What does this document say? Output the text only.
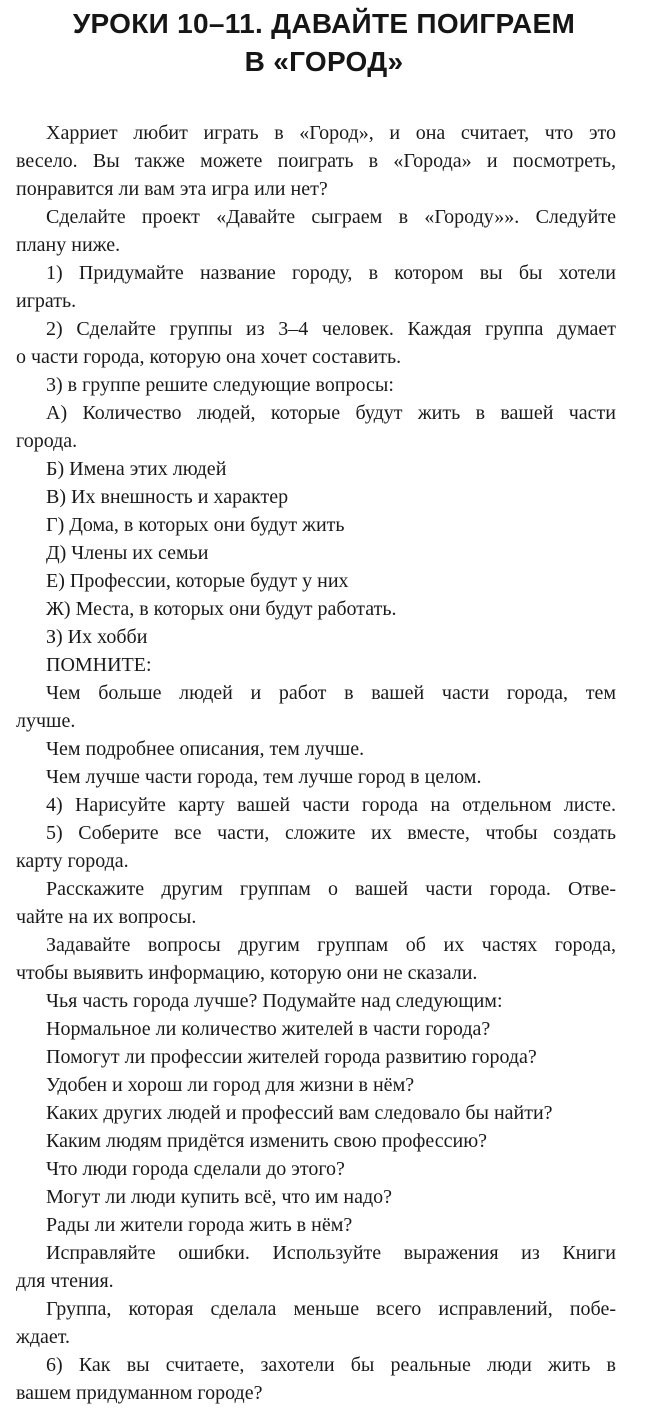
УРОКИ 10–11. ДАВАЙТЕ ПОИГРАЕМ
В «ГОРОД»
Харриет любит играть в «Город», и она считает, что это
весело. Вы также можете поиграть в «Города» и посмотреть,
понравится ли вам эта игра или нет?
Сделайте проект «Давайте сыграем в «Городу»». Следуйте
плану ниже.
1) Придумайте название городу, в котором вы бы хотели
играть.
2) Сделайте группы из 3–4 человек. Каждая группа думает
о части города, которую она хочет составить.
3) в группе решите следующие вопросы:
А) Количество людей, которые будут жить в вашей части
города.
Б) Имена этих людей
В) Их внешность и характер
Г) Дома, в которых они будут жить
Д) Члены их семьи
Е) Профессии, которые будут у них
Ж) Места, в которых они будут работать.
З) Их хобби
ПОМНИТЕ:
Чем больше людей и работ в вашей части города, тем
лучше.
Чем подробнее описания, тем лучше.
Чем лучше части города, тем лучше город в целом.
4) Нарисуйте карту вашей части города на отдельном листе.
5) Соберите все части, сложите их вместе, чтобы создать
карту города.
Расскажите другим группам о вашей части города. Отве-
чайте на их вопросы.
Задавайте вопросы другим группам об их частях города,
чтобы выявить информацию, которую они не сказали.
Чья часть города лучше? Подумайте над следующим:
Нормальное ли количество жителей в части города?
Помогут ли профессии жителей города развитию города?
Удобен и хорош ли город для жизни в нём?
Каких других людей и профессий вам следовало бы найти?
Каким людям придётся изменить свою профессию?
Что люди города сделали до этого?
Могут ли люди купить всё, что им надо?
Рады ли жители города жить в нём?
Исправляйте ошибки. Используйте выражения из Книги
для чтения.
Группа, которая сделала меньше всего исправлений, побе-
ждает.
6) Как вы считаете, захотели бы реальные люди жить в
вашем придуманном городе?
